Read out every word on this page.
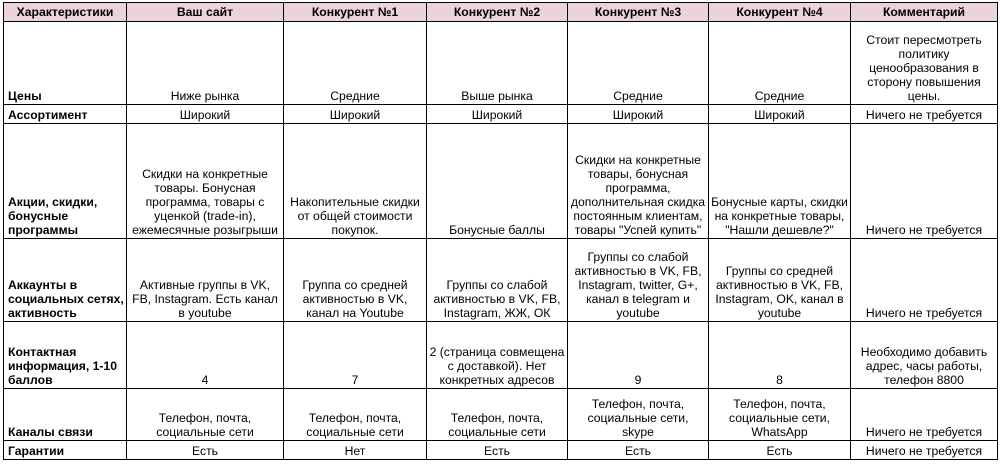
Характеристики	Ваш сайт	Конкурент №1	Конкурент №2	Конкурент №3	Конкурент №4	Комментарий
Цены	Ниже рынка	Средние	Выше рынка	Средние	Средние	Стоит пересмотреть политику ценообразования в сторону повышения цены.
Ассортимент	Широкий	Широкий	Широкий	Широкий	Широкий	Ничего не требуется
Акции, скидки, бонусные программы	Скидки на конкретные товары. Бонусная программа, товары с уценкой (trade-in), ежемесячные розыгрыши	Накопительные скидки от общей стоимости покупок.	Бонусные баллы	Скидки на конкретные товары, бонусная программа, дополнительная скидка постоянным клиентам, товары "Успей купить"	Бонусные карты, скидки на конкретные товары, "Нашли дешевле?"	Ничего не требуется
Аккаунты в социальных сетях, активность	Активные группы в VK, FB, Instagram. Есть канал в youtube	Группа со средней активностью в VK, канал на Youtube	Группы со слабой активностью в VK, FB, Instagram, ЖЖ, ОК	Группы со слабой активностью в VK, FB, Instagram, twitter, G+, канал в telegram и youtube	Группы со средней активностью в VK, FB, Instagram, OK, канал в youtube	Ничего не требуется
Контактная информация, 1-10 баллов	4	7	2 (страница совмещена с доставкой). Нет конкретных адресов	9	8	Необходимо добавить адрес, часы работы, телефон 8800
Каналы связи	Телефон, почта, социальные сети	Телефон, почта, социальные сети	Телефон, почта, социальные сети	Телефон, почта, социальные сети, skype	Телефон, почта, социальные сети, WhatsApp	Ничего не требуется
Гарантии	Есть	Нет	Есть	Есть	Есть	Ничего не требуется
